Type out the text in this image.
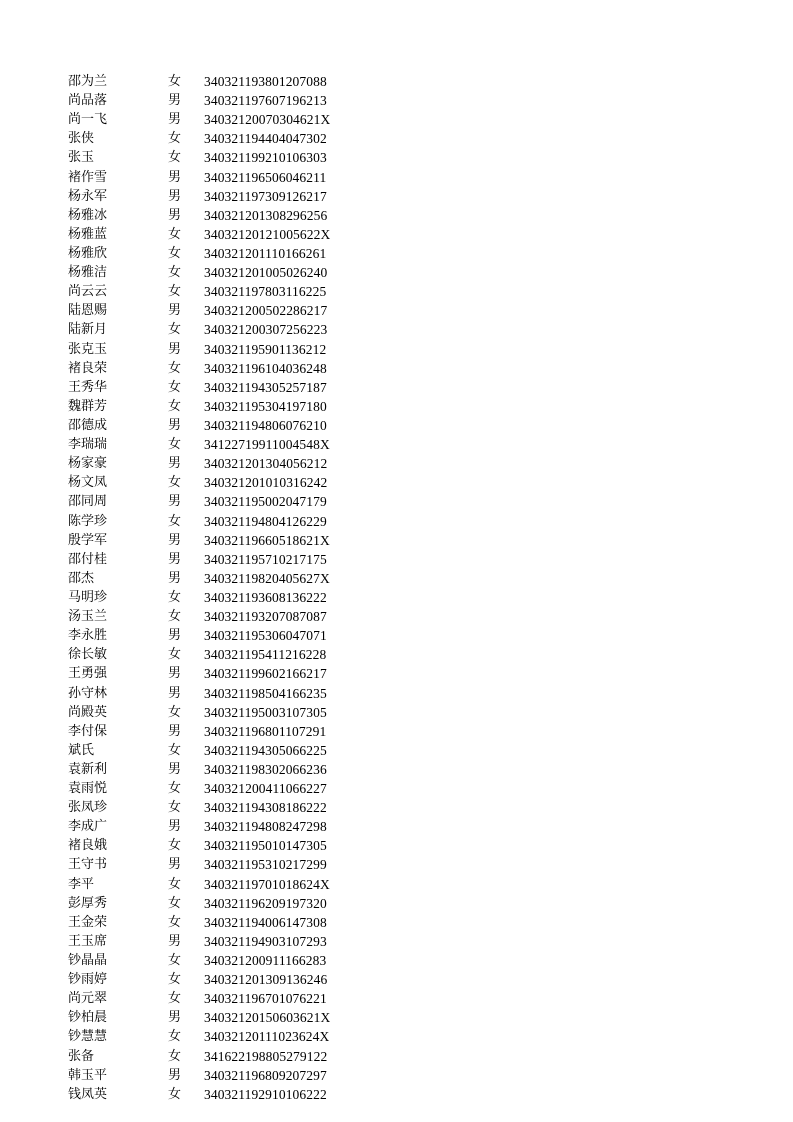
邵为兰	女 340321193801207088
尚品落	男 340321197607196213
尚一飞	男 34032120070304621X
张侠	女 340321194404047302
张玉	女 340321199210106303
褚作雪	男 340321196506046211
杨永军	男 340321197309126217
杨雅冰	男 340321201308296256
杨雅蓝	女 34032120121005622X
杨雅欣	女 340321201110166261
杨雅洁	女 340321201005026240
尚云云	女 340321197803116225
陆恩赐	男 340321200502286217
陆新月	女 340321200307256223
张克玉	男 340321195901136212
褚良荣	女 340321196104036248
王秀华	女 340321194305257187
魏群芳	女 340321195304197180
邵德成	男 340321194806076210
李瑞瑞	女 34122719911004548X
杨家豪	男 340321201304056212
杨文凤	女 340321201010316242
邵同周	男 340321195002047179
陈学珍	女 340321194804126229
殷学军	男 34032119660518621X
邵付桂	男 340321195710217175
邵杰	男 34032119820405627X
马明珍	女 340321193608136222
汤玉兰	女 340321193207087087
李永胜	男 340321195306047071
徐长敏	女 340321195411216228
王勇强	男 340321199602166217
孙守林	男 340321198504166235
尚殿英	女 340321195003107305
李付保	男 340321196801107291
斌氏	女 340321194305066225
袁新利	男 340321198302066236
袁雨悦	女 340321200411066227
张凤珍	女 340321194308186222
李成广	男 340321194808247298
褚良娥	女 340321195010147305
王守书	男 340321195310217299
李平	女 34032119701018624X
彭厚秀	女 340321196209197320
王金荣	女 340321194006147308
王玉席	男 340321194903107293
钞晶晶	女 340321200911166283
钞雨婷	女 340321201309136246
尚元翠	女 340321196701076221
钞柏晨	男 34032120150603621X
钞慧慧	女 34032120111023624X
张备	女 341622198805279122
韩玉平	男 340321196809207297
钱凤英	女 340321192910106222
